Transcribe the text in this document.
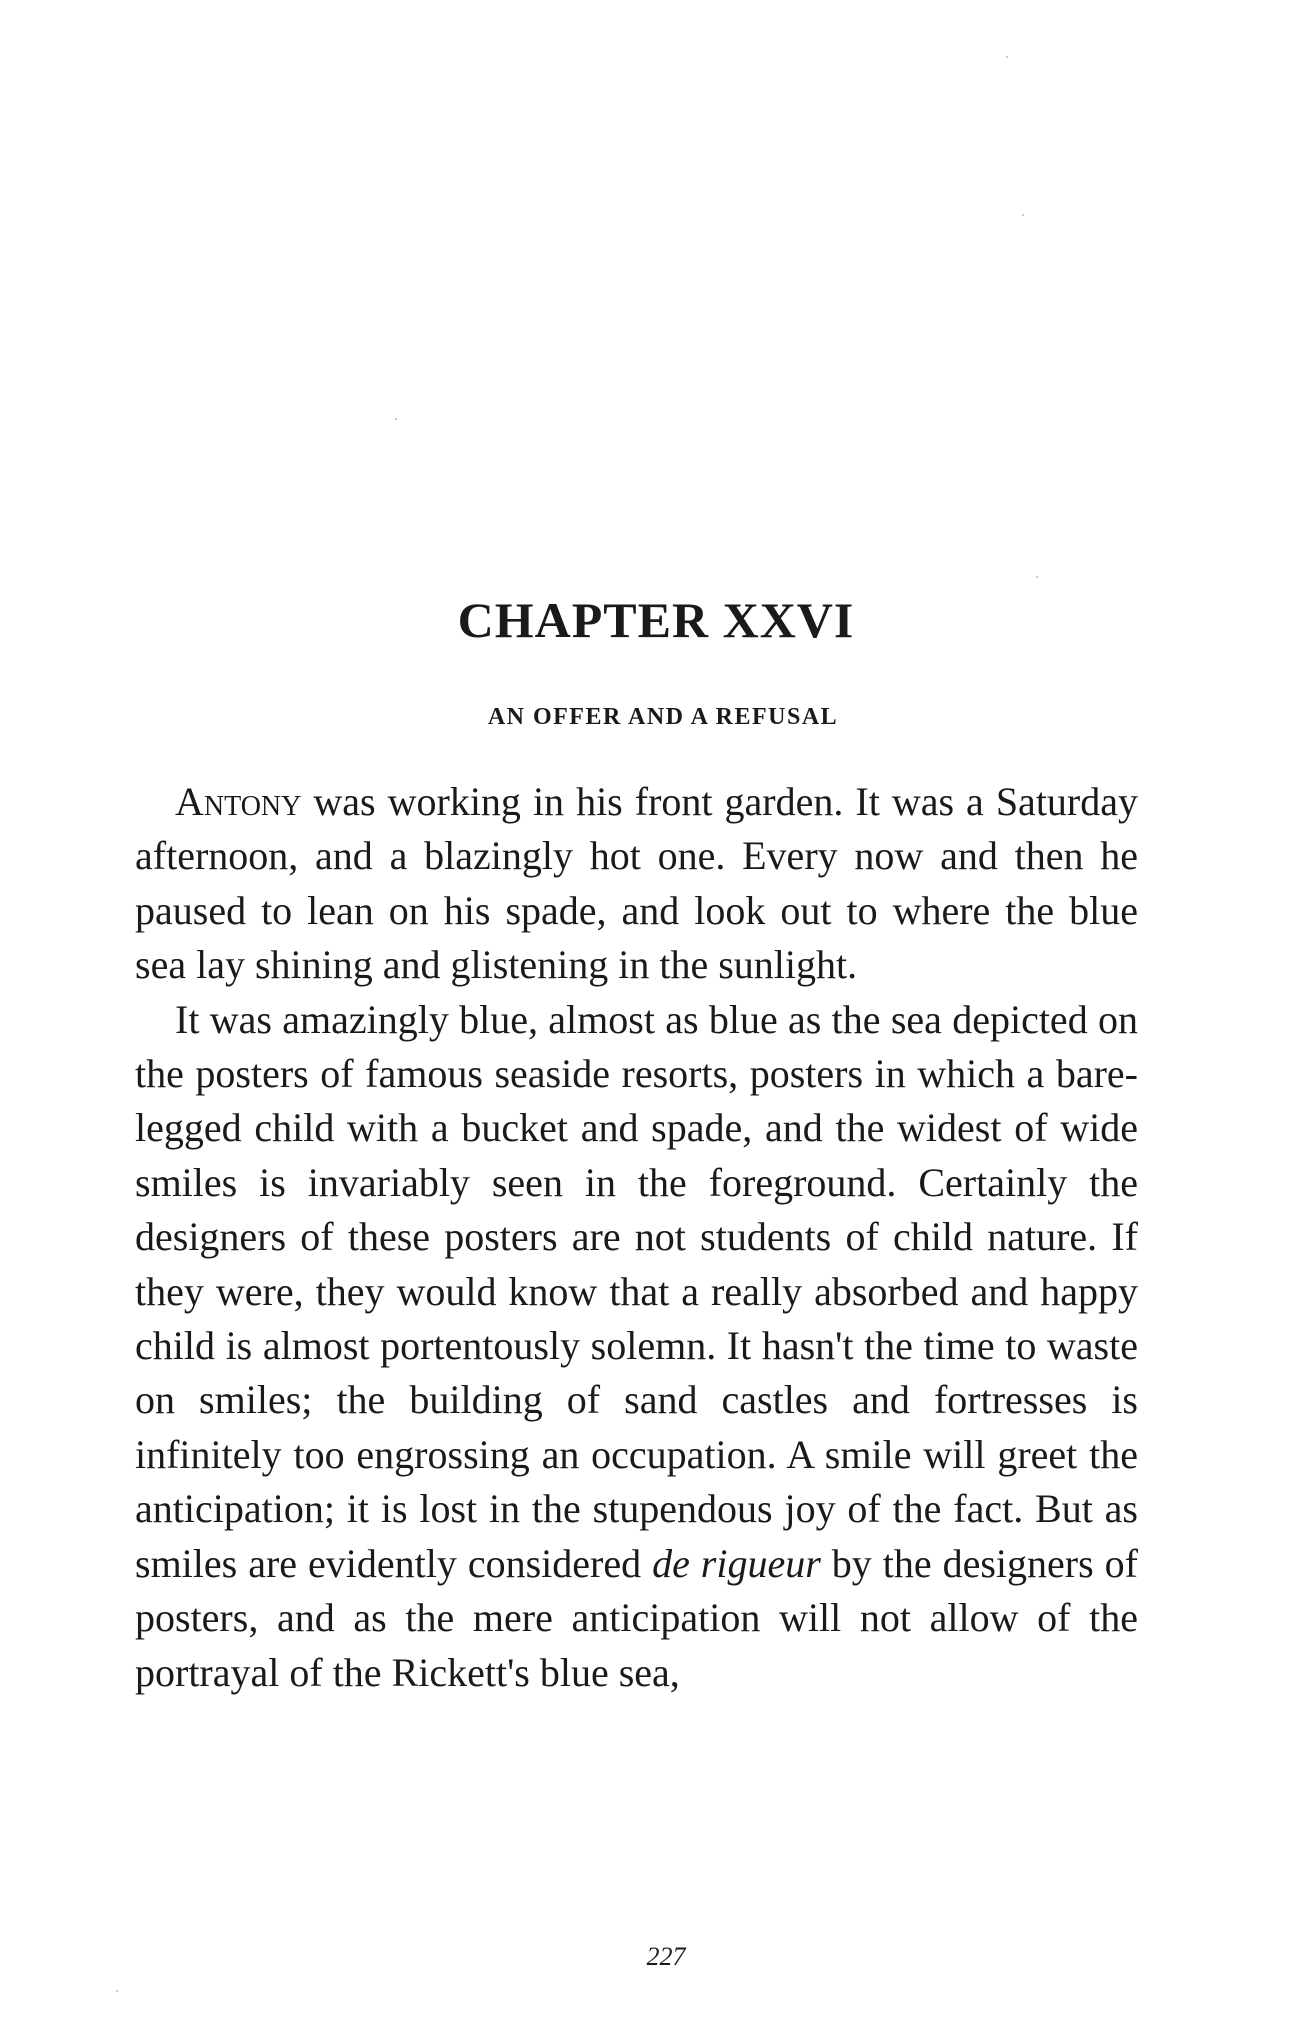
CHAPTER XXVI
AN OFFER AND A REFUSAL

Antony was working in his front garden. It was a Saturday afternoon, and a blazingly hot one. Every now and then he paused to lean on his spade, and look out to where the blue sea lay shining and glistening in the sunlight.

It was amazingly blue, almost as blue as the sea depicted on the posters of famous seaside resorts, posters in which a bare-legged child with a bucket and spade, and the widest of wide smiles is invariably seen in the foreground. Certainly the designers of these posters are not students of child nature. If they were, they would know that a really absorbed and happy child is almost portentously solemn. It hasn't the time to waste on smiles; the building of sand castles and fortresses is infinitely too engrossing an occupation. A smile will greet the anticipation; it is lost in the stupendous joy of the fact. But as smiles are evidently considered de rigueur by the designers of posters, and as the mere anticipation will not allow of the portrayal of the Rickett's blue sea,

227
